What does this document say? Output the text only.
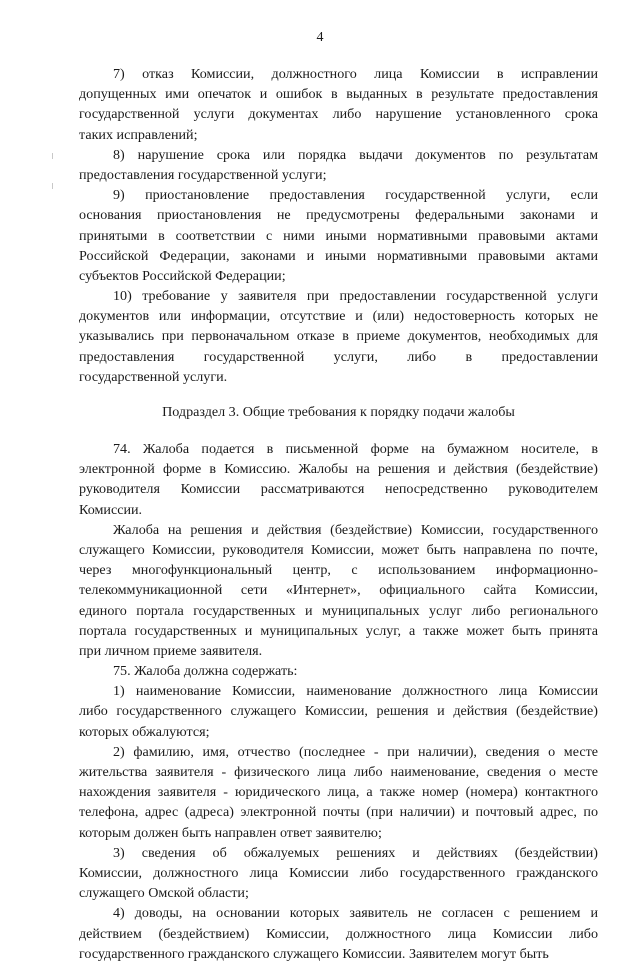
4
7) отказ Комиссии, должностного лица Комиссии в исправлении
допущенных ими опечаток и ошибок в выданных в результате предоставления
государственной услуги документах либо нарушение установленного срока
таких исправлений;
8) нарушение срока или порядка выдачи документов по результатам
предоставления государственной услуги;
9) приостановление предоставления государственной услуги, если
основания приостановления не предусмотрены федеральными законами и
принятыми в соответствии с ними иными нормативными правовыми актами
Российской Федерации, законами и иными нормативными правовыми актами
субъектов Российской Федерации;
10) требование у заявителя при предоставлении государственной услуги
документов или информации, отсутствие и (или) недостоверность которых не
указывались при первоначальном отказе в приеме документов, необходимых для
предоставления государственной услуги, либо в предоставлении
государственной услуги.
Подраздел 3. Общие требования к порядку подачи жалобы
74. Жалоба подается в письменной форме на бумажном носителе, в
электронной форме в Комиссию. Жалобы на решения и действия (бездействие)
руководителя Комиссии рассматриваются непосредственно руководителем
Комиссии.
Жалоба на решения и действия (бездействие) Комиссии, государственного
служащего Комиссии, руководителя Комиссии, может быть направлена по почте,
через многофункциональный центр, с использованием информационно-
телекоммуникационной сети «Интернет», официального сайта Комиссии,
единого портала государственных и муниципальных услуг либо регионального
портала государственных и муниципальных услуг, а также может быть принята
при личном приеме заявителя.
75. Жалоба должна содержать:
1) наименование Комиссии, наименование должностного лица Комиссии
либо государственного служащего Комиссии, решения и действия (бездействие)
которых обжалуются;
2) фамилию, имя, отчество (последнее - при наличии), сведения о месте
жительства заявителя - физического лица либо наименование, сведения о месте
нахождения заявителя - юридического лица, а также номер (номера) контактного
телефона, адрес (адреса) электронной почты (при наличии) и почтовый адрес, по
которым должен быть направлен ответ заявителю;
3) сведения об обжалуемых решениях и действиях (бездействии)
Комиссии, должностного лица Комиссии либо государственного гражданского
служащего Омской области;
4) доводы, на основании которых заявитель не согласен с решением и
действием (бездействием) Комиссии, должностного лица Комиссии либо
государственного гражданского служащего Комиссии. Заявителем могут быть
